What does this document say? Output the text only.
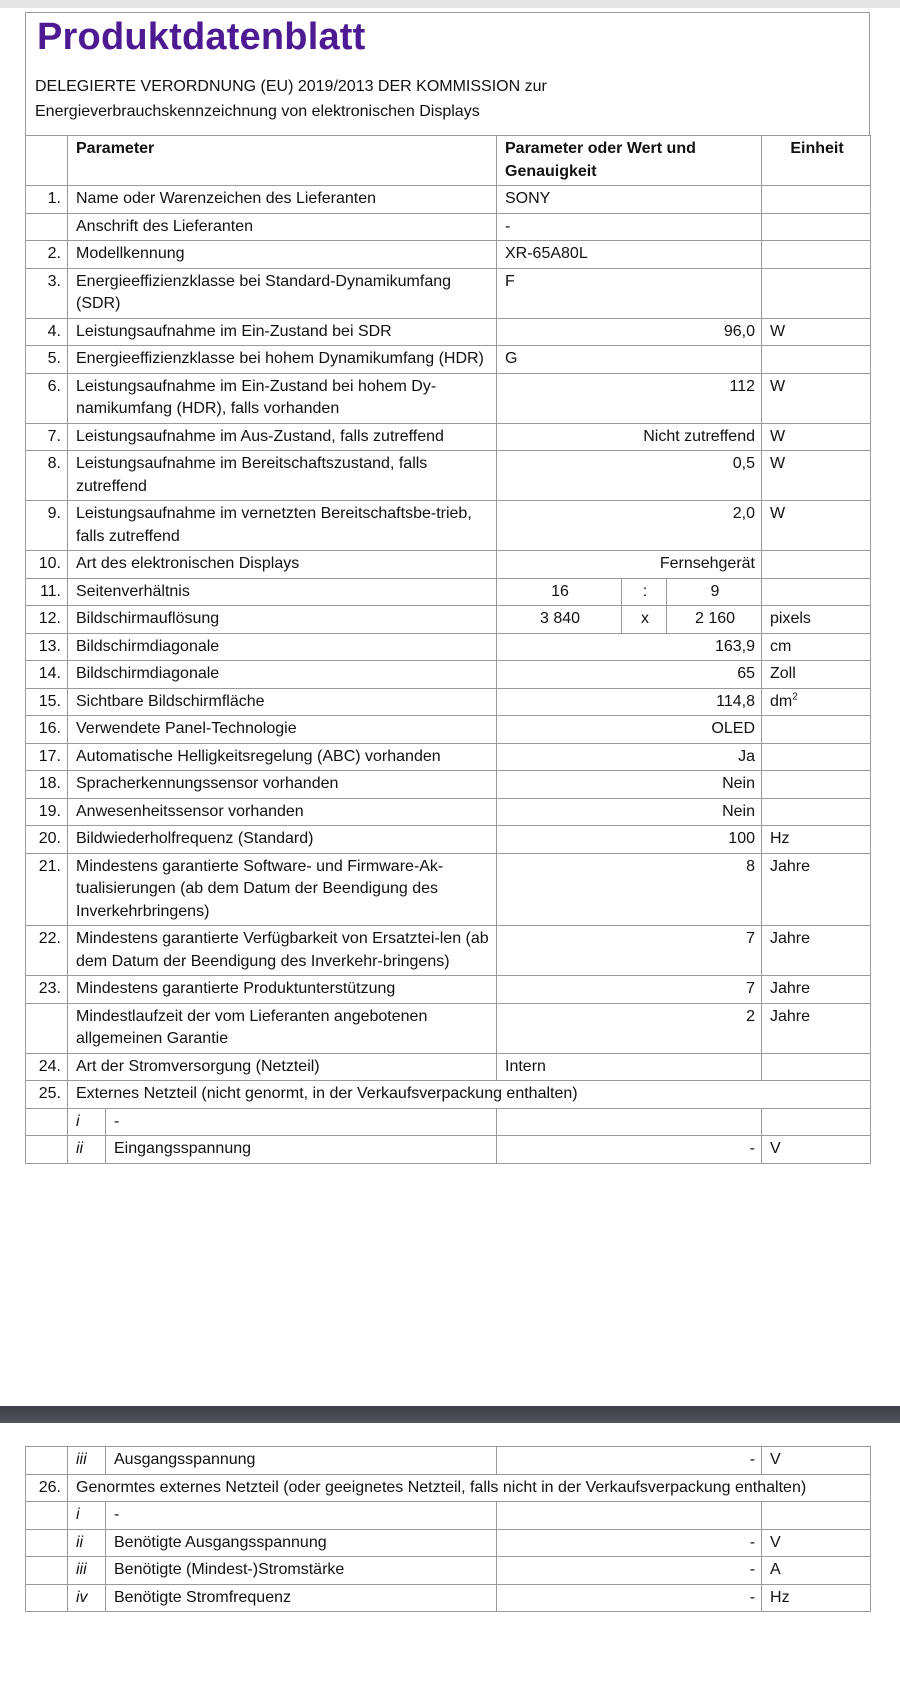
Produktdatenblatt
DELEGIERTE VERORDNUNG (EU) 2019/2013 DER KOMMISSION zur
Energieverbrauchskennzeichnung von elektronischen Displays
	Parameter		Parameter oder Wert und
Genauigkeit			Einheit
1.	Name oder Warenzeichen des Lieferanten		SONY			
	Anschrift des Lieferanten		-			
2.	Modellkennung		XR-65A80L			
3.	Energieeffizienzklasse bei Standard-Dynamikumfang (SDR)		F			
4.	Leistungsaufnahme im Ein-Zustand bei SDR		96,0			W
5.	Energieeffizienzklasse bei hohem Dynamikumfang (HDR)		G			
6.	Leistungsaufnahme im Ein-Zustand bei hohem Dy-namikumfang (HDR), falls vorhanden		112			W
7.	Leistungsaufnahme im Aus-Zustand, falls zutreffend		Nicht zutreffend			W
8.	Leistungsaufnahme im Bereitschaftszustand, falls zutreffend		0,5			W
9.	Leistungsaufnahme im vernetzten Bereitschaftsbe-trieb, falls zutreffend		2,0			W
10.	Art des elektronischen Displays		Fernsehgerät			
11.	Seitenverhältnis		16	:	9	
12.	Bildschirmauflösung		3 840	x	2 160	pixels
13.	Bildschirmdiagonale		163,9			cm
14.	Bildschirmdiagonale		65			Zoll
15.	Sichtbare Bildschirmfläche		114,8			$dm^2$
16.	Verwendete Panel-Technologie		OLED			
17.	Automatische Helligkeitsregelung (ABC) vorhanden		Ja			
18.	Spracherkennungssensor vorhanden		Nein			
19.	Anwesenheitssensor vorhanden		Nein			
20.	Bildwiederholfrequenz (Standard)		100			Hz
21.	Mindestens garantierte Software- und Firmware-Ak-tualisierungen (ab dem Datum der Beendigung des Inverkehrbringens)		8			Jahre
22.	Mindestens garantierte Verfügbarkeit von Ersatztei-len (ab dem Datum der Beendigung des Inverkehr-bringens)		7			Jahre
23.	Mindestens garantierte Produktunterstützung		7			Jahre
	Mindestlaufzeit der vom Lieferanten angebotenen allgemeinen Garantie		2			Jahre
24.	Art der Stromversorgung (Netzteil)		Intern			
25.	Externes Netzteil (nicht genormt, in der Verkaufsverpackung enthalten)					
	i	-				
	ii	Eingangsspannung	-			V
	iii	Ausgangsspannung	-	V
26.	Genormtes externes Netzteil (oder geeignetes Netzteil, falls nicht in der Verkaufsverpackung enthalten)			
	i	-		
	ii	Benötigte Ausgangsspannung	-	V
	iii	Benötigte (Mindest-)Stromstärke	-	A
	iv	Benötigte Stromfrequenz	-	Hz
